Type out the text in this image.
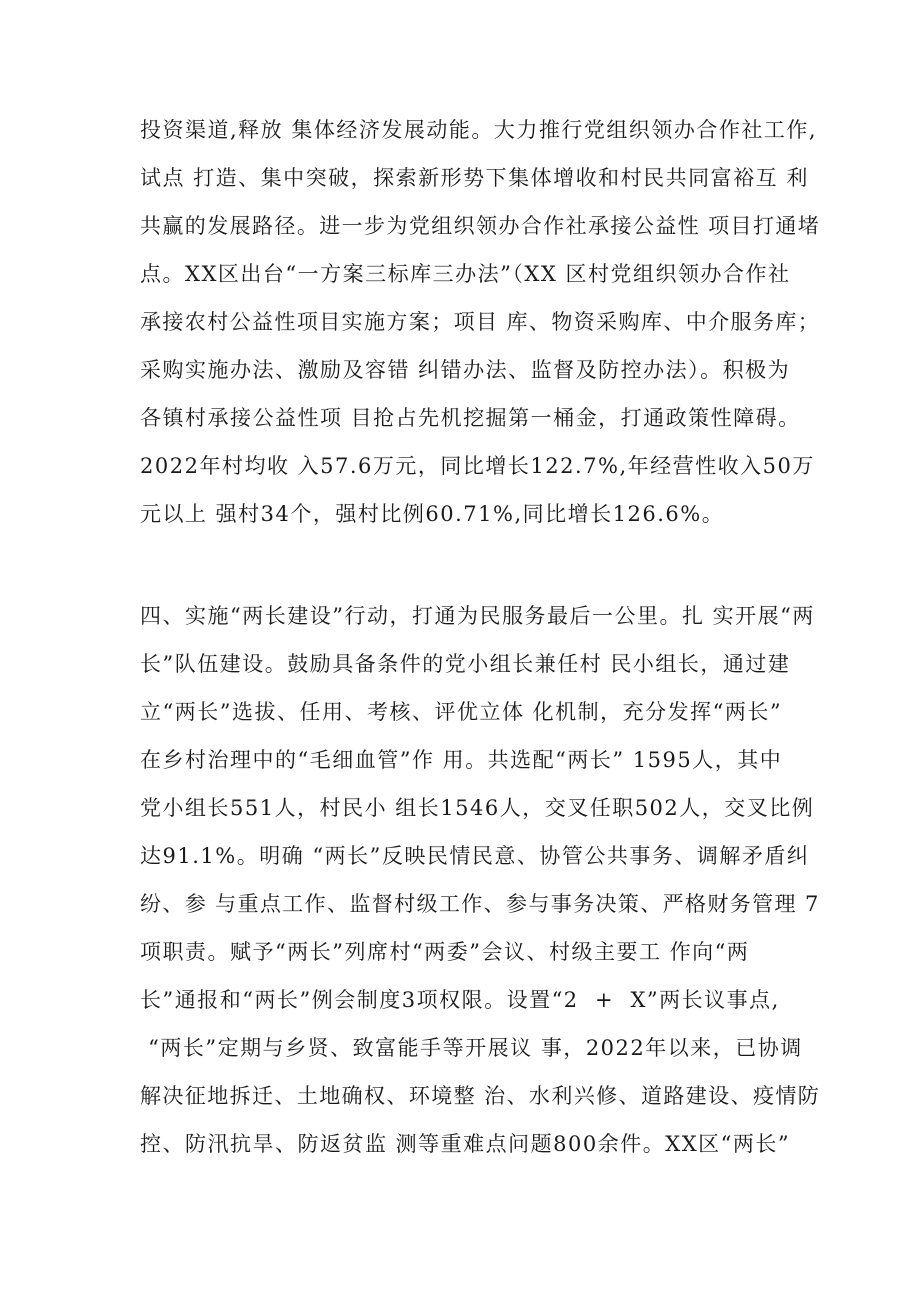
投资渠道,释放 集体经济发展动能。大力推行党组织领办合作社工作,
试点 打造、集中突破，探索新形势下集体增收和村民共同富裕互 利
共赢的发展路径。进一步为党组织领办合作社承接公益性 项目打通堵
点。XX区出台“一方案三标库三办法”（XX 区村党组织领办合作社
承接农村公益性项目实施方案；项目 库、物资采购库、中介服务库；
采购实施办法、激励及容错 纠错办法、监督及防控办法）。积极为
各镇村承接公益性项 目抢占先机挖掘第一桶金，打通政策性障碍。
2022年村均收 入57.6万元，同比增长122.7%,年经营性收入50万
元以上 强村34个，强村比例60.71%,同比增长126.6%。
四、实施“两长建设”行动，打通为民服务最后一公里。扎 实开展“两
长”队伍建设。鼓励具备条件的党小组长兼任村 民小组长，通过建
立“两长”选拔、任用、考核、评优立体 化机制，充分发挥“两长”
在乡村治理中的“毛细血管”作 用。共选配“两长” 1595人，其中
党小组长551人，村民小 组长1546人，交叉任职502人，交叉比例
达91.1%。明确 “两长”反映民情民意、协管公共事务、调解矛盾纠
纷、参 与重点工作、监督村级工作、参与事务决策、严格财务管理 7
项职责。赋予“两长”列席村“两委”会议、村级主要工 作向“两
长”通报和“两长”例会制度3项权限。设置“2  +  X”两长议事点,
“两长”定期与乡贤、致富能手等开展议 事，2022年以来，已协调
解决征地拆迁、土地确权、环境整 治、水利兴修、道路建设、疫情防
控、防汛抗旱、防返贫监 测等重难点问题800余件。XX区“两长”
